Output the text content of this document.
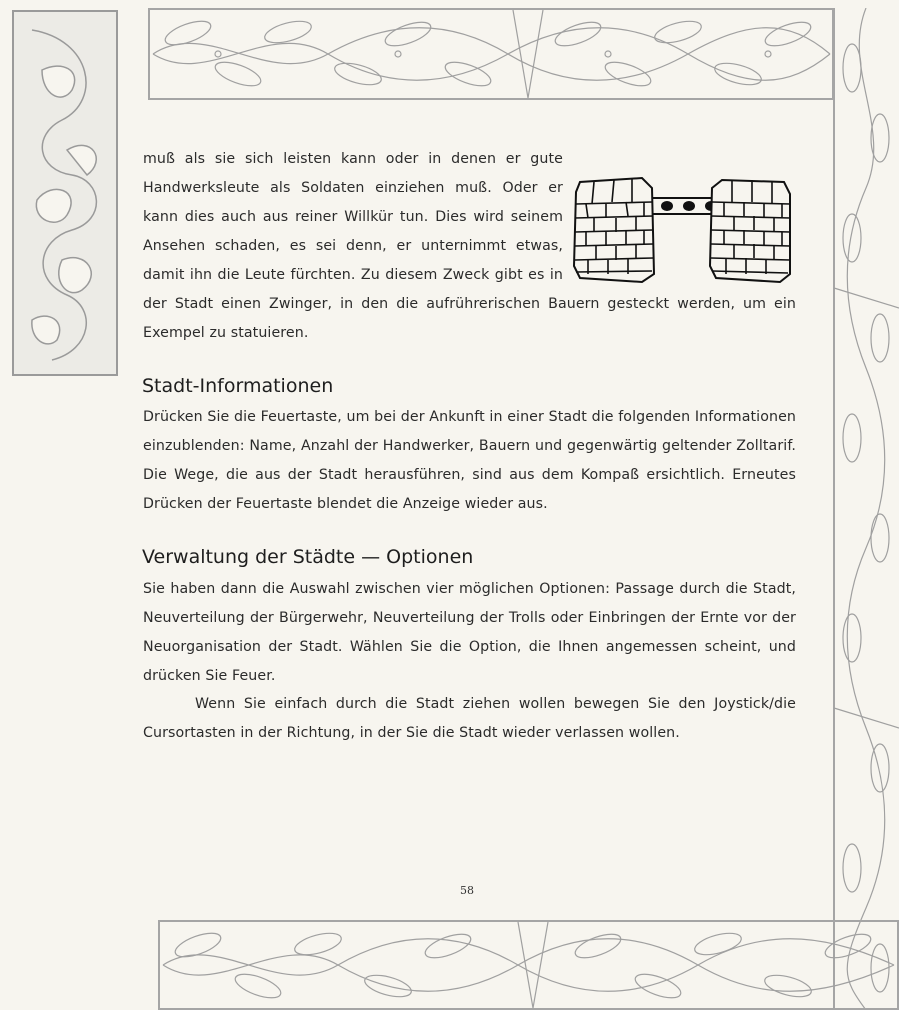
muß als sie sich leisten kann oder in denen er gute
Handwerksleute als Soldaten einziehen muß. Oder er
kann dies auch aus reiner Willkür tun. Dies wird seinem
Ansehen schaden, es sei denn, er unternimmt etwas,
damit ihn die Leute fürchten. Zu diesem Zweck gibt es in
der Stadt einen Zwinger, in den die aufrührerischen Bauern gesteckt werden, um ein
Exempel zu statuieren.
Stadt-Informationen
Drücken Sie die Feuertaste, um bei der Ankunft in einer Stadt die folgenden Informationen
einzublenden: Name, Anzahl der Handwerker, Bauern und gegenwärtig geltender Zolltarif.
Die Wege, die aus der Stadt herausführen, sind aus dem Kompaß ersichtlich. Erneutes
Drücken der Feuertaste blendet die Anzeige wieder aus.
Verwaltung der Städte — Optionen
Sie haben dann die Auswahl zwischen vier möglichen Optionen: Passage durch die Stadt,
Neuverteilung der Bürgerwehr, Neuverteilung der Trolls oder Einbringen der Ernte vor der
Neuorganisation der Stadt. Wählen Sie die Option, die Ihnen angemessen scheint, und
drücken Sie Feuer.
Wenn Sie einfach durch die Stadt ziehen wollen bewegen Sie den Joystick/die
Cursortasten in der Richtung, in der Sie die Stadt wieder verlassen wollen.
58
